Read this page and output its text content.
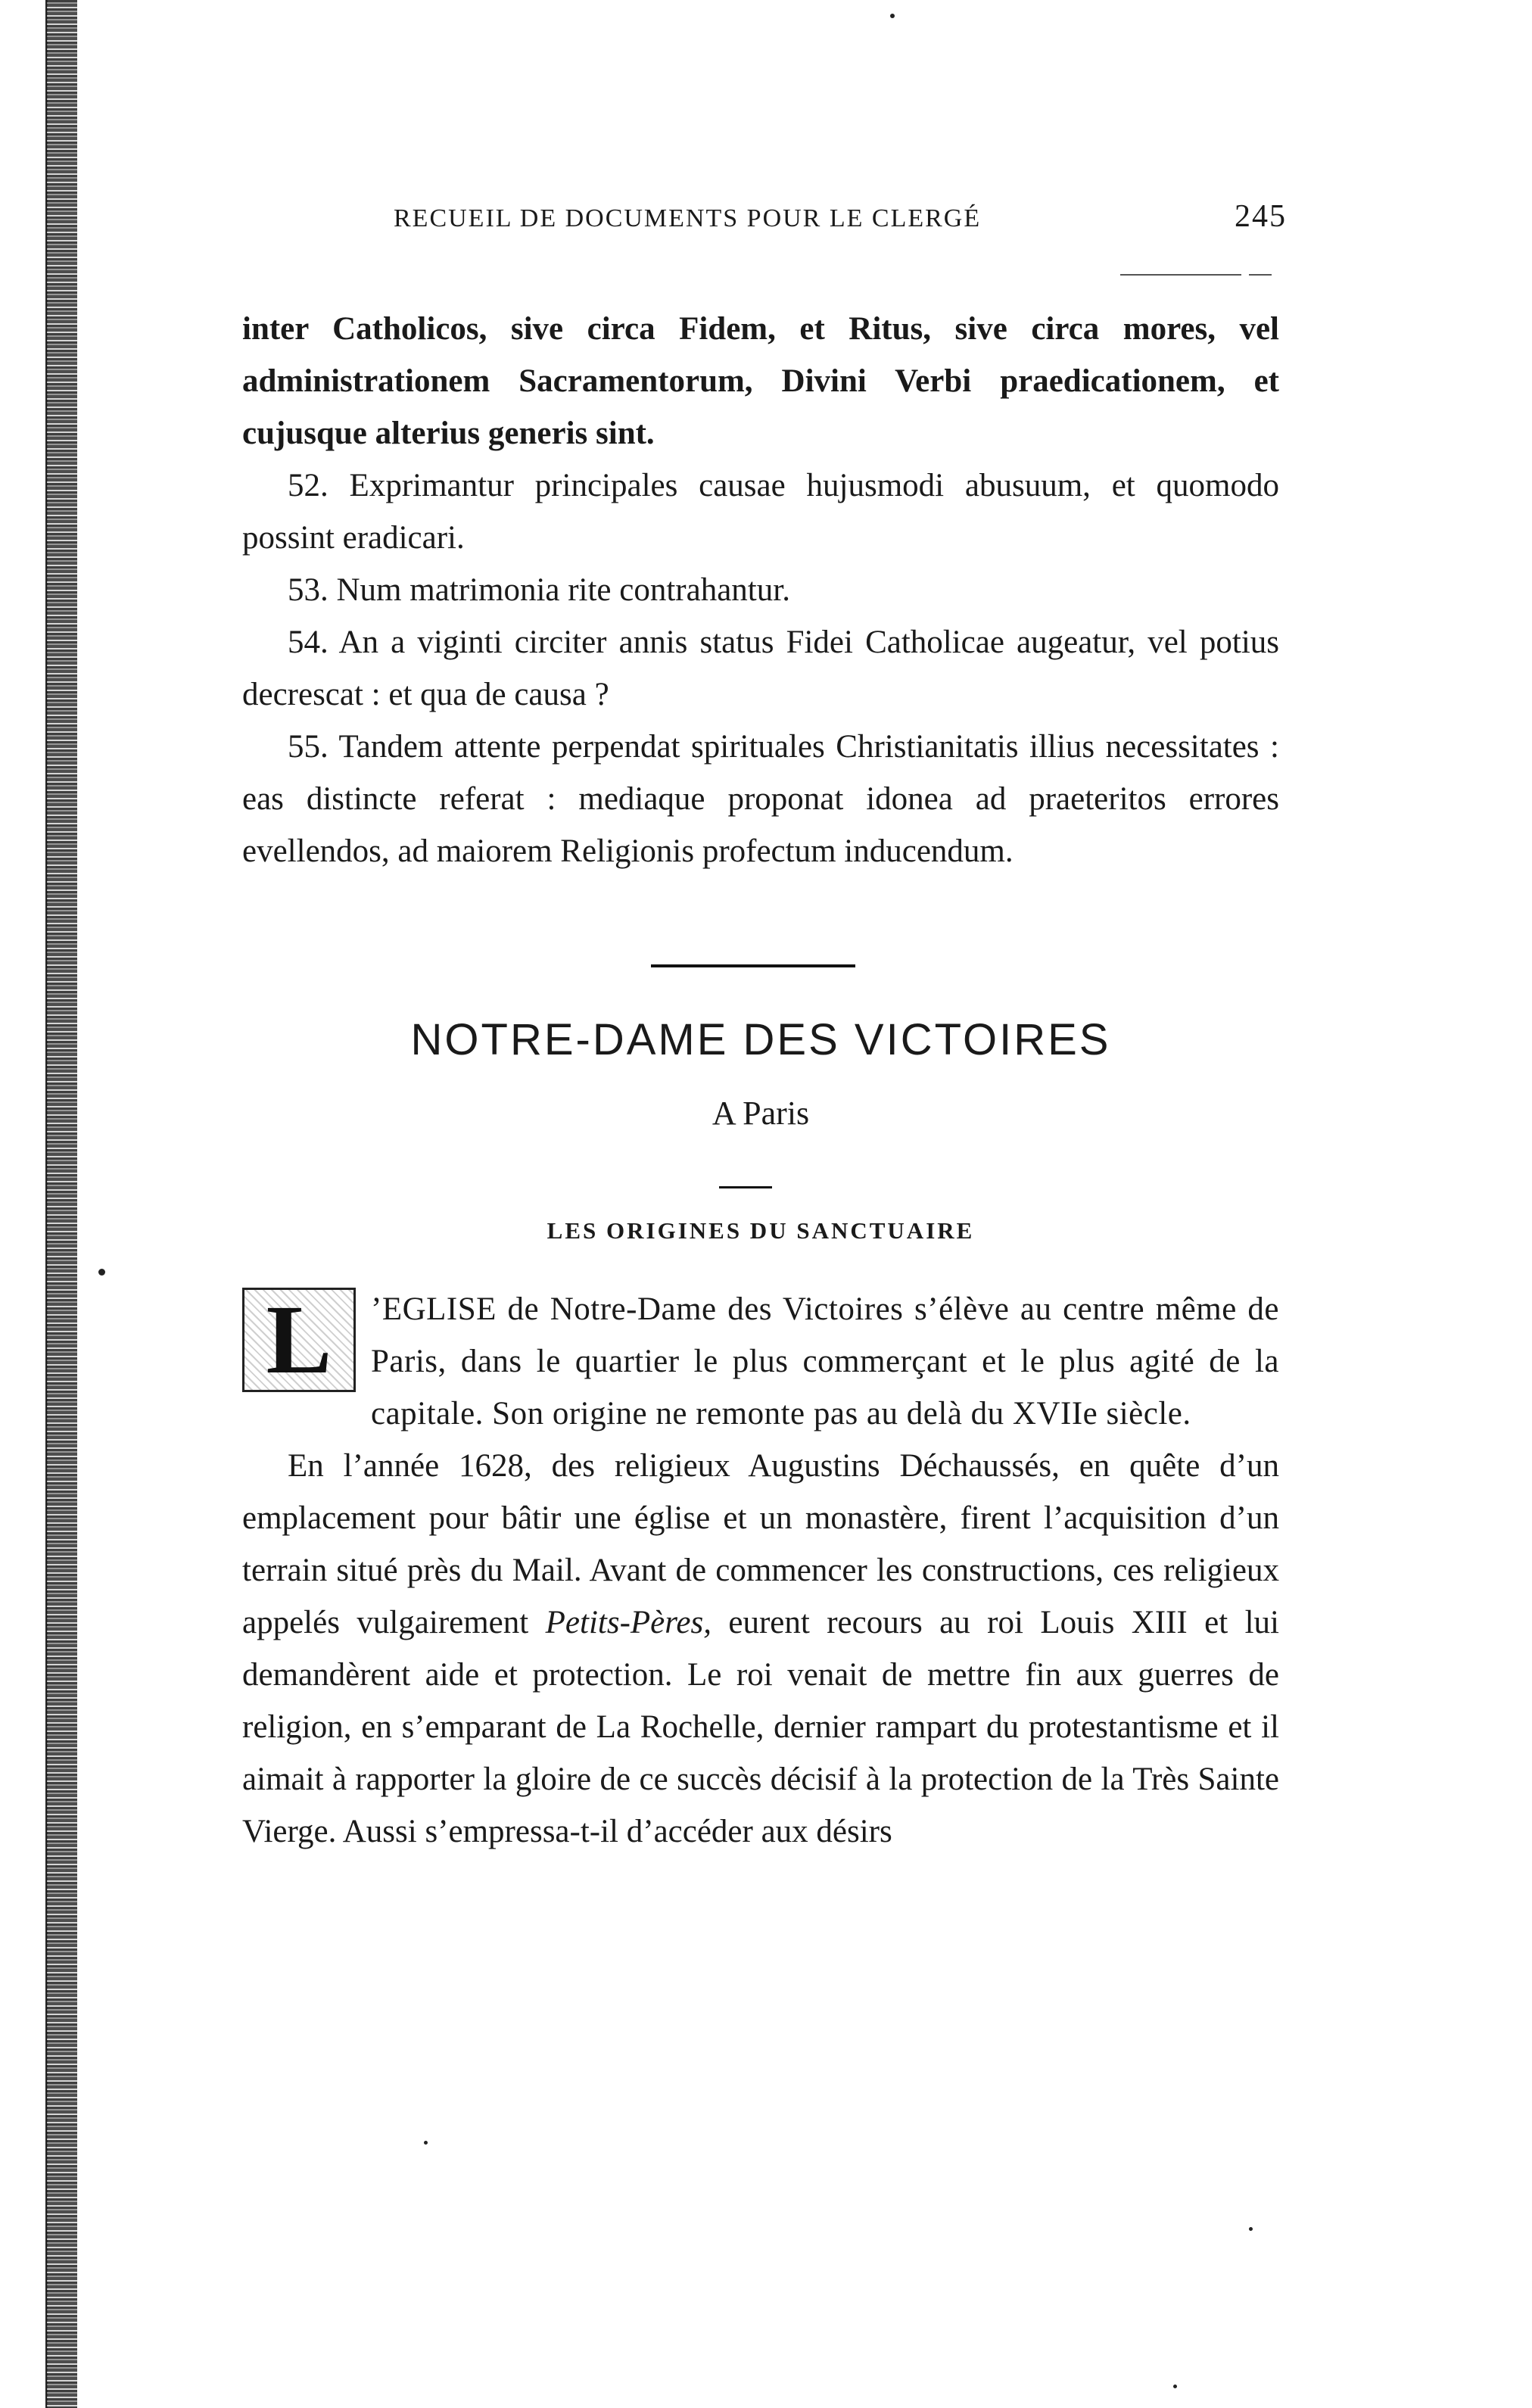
RECUEIL DE DOCUMENTS POUR LE CLERGÉ	245

inter Catholicos, sive circa Fidem, et Ritus, sive circa mores, vel administrationem Sacramentorum, Divini Verbi praedicationem, et cujusque alterius generis sint.

52. Exprimantur principales causae hujusmodi abusuum, et quomodo possint eradicari.

53. Num matrimonia rite contrahantur.

54. An a viginti circiter annis status Fidei Catholicae augeatur, vel potius decrescat : et qua de causa ?

55. Tandem attente perpendat spirituales Christianitatis illius necessitates : eas distincte referat : mediaque proponat idonea ad praeteritos errores evellendos, ad maiorem Religionis profectum inducendum.

NOTRE-DAME DES VICTOIRES
A Paris
LES ORIGINES DU SANCTUAIRE

L	’EGLISE de Notre-Dame des Victoires s’élève au centre même de Paris, dans le quartier le plus commerçant et le plus agité de la capitale. Son origine ne remonte pas au delà du XVIIe siècle.

En l’année 1628, des religieux Augustins Déchaussés, en quête d’un emplacement pour bâtir une église et un monastère, firent l’acquisition d’un terrain situé près du Mail. Avant de commencer les constructions, ces religieux appelés vulgairement Petits-Pères, eurent recours au roi Louis XIII et lui demandèrent aide et protection. Le roi venait de mettre fin aux guerres de religion, en s’emparant de La Rochelle, dernier rampart du protestantisme et il aimait à rapporter la gloire de ce succès décisif à la protection de la Très Sainte Vierge. Aussi s’empressa-t-il d’accéder aux désirs
